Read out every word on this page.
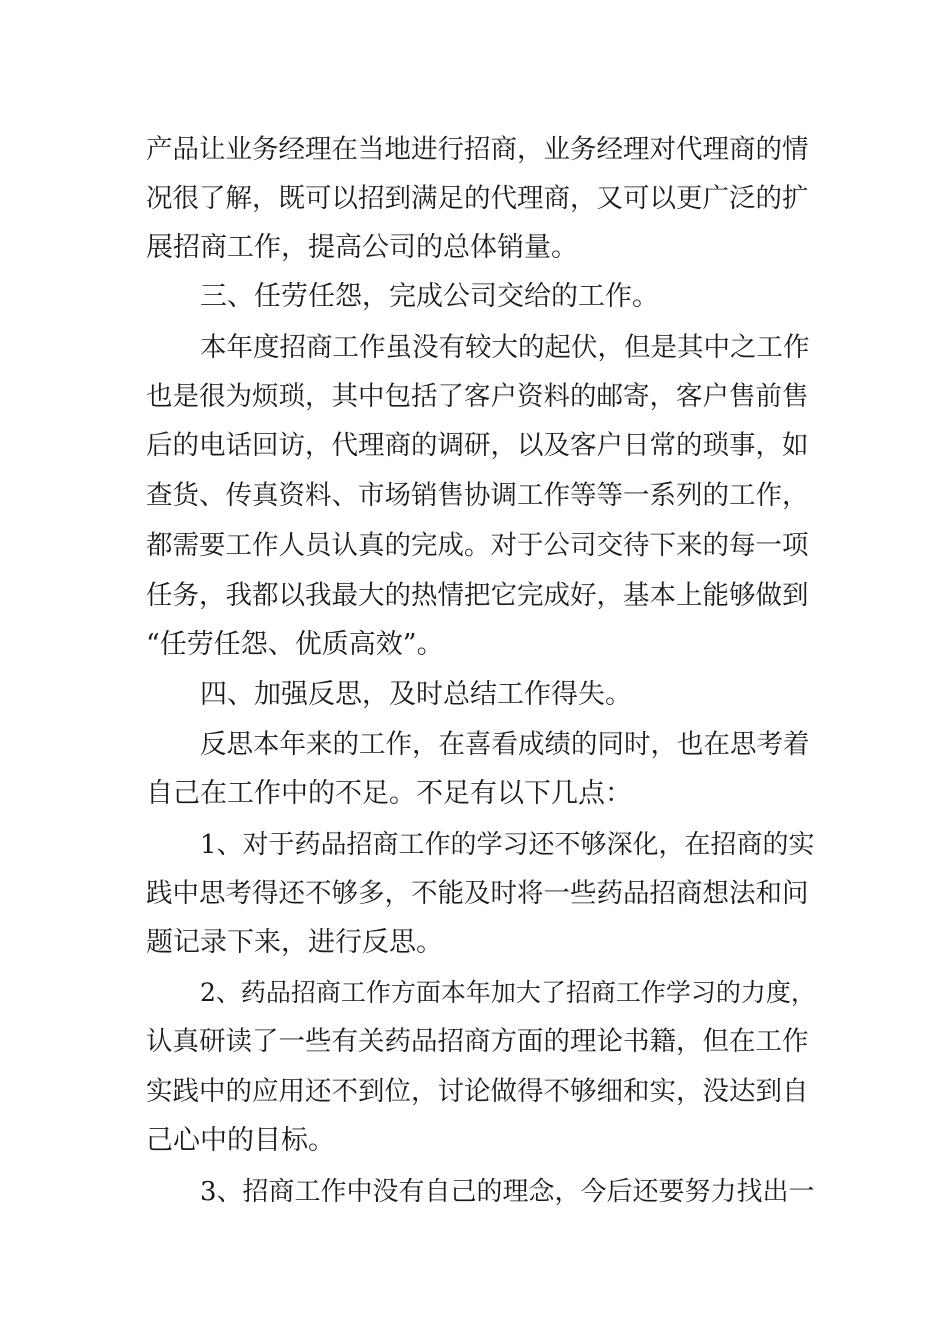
产品让业务经理在当地进行招商，业务经理对代理商的情
况很了解，既可以招到满足的代理商，又可以更广泛的扩
展招商工作，提高公司的总体销量。
三、任劳任怨，完成公司交给的工作。
本年度招商工作虽没有较大的起伏，但是其中之工作
也是很为烦琐，其中包括了客户资料的邮寄，客户售前售
后的电话回访，代理商的调研，以及客户日常的琐事，如
查货、传真资料、市场销售协调工作等等一系列的工作，
都需要工作人员认真的完成。对于公司交待下来的每一项
任务，我都以我最大的热情把它完成好，基本上能够做到
“任劳任怨、优质高效”。
四、加强反思，及时总结工作得失。
反思本年来的工作，在喜看成绩的同时，也在思考着
自己在工作中的不足。不足有以下几点：
1、对于药品招商工作的学习还不够深化，在招商的实
践中思考得还不够多，不能及时将一些药品招商想法和问
题记录下来，进行反思。
2、药品招商工作方面本年加大了招商工作学习的力度，
认真研读了一些有关药品招商方面的理论书籍，但在工作
实践中的应用还不到位，讨论做得不够细和实，没达到自
己心中的目标。
3、招商工作中没有自己的理念，今后还要努力找出一
